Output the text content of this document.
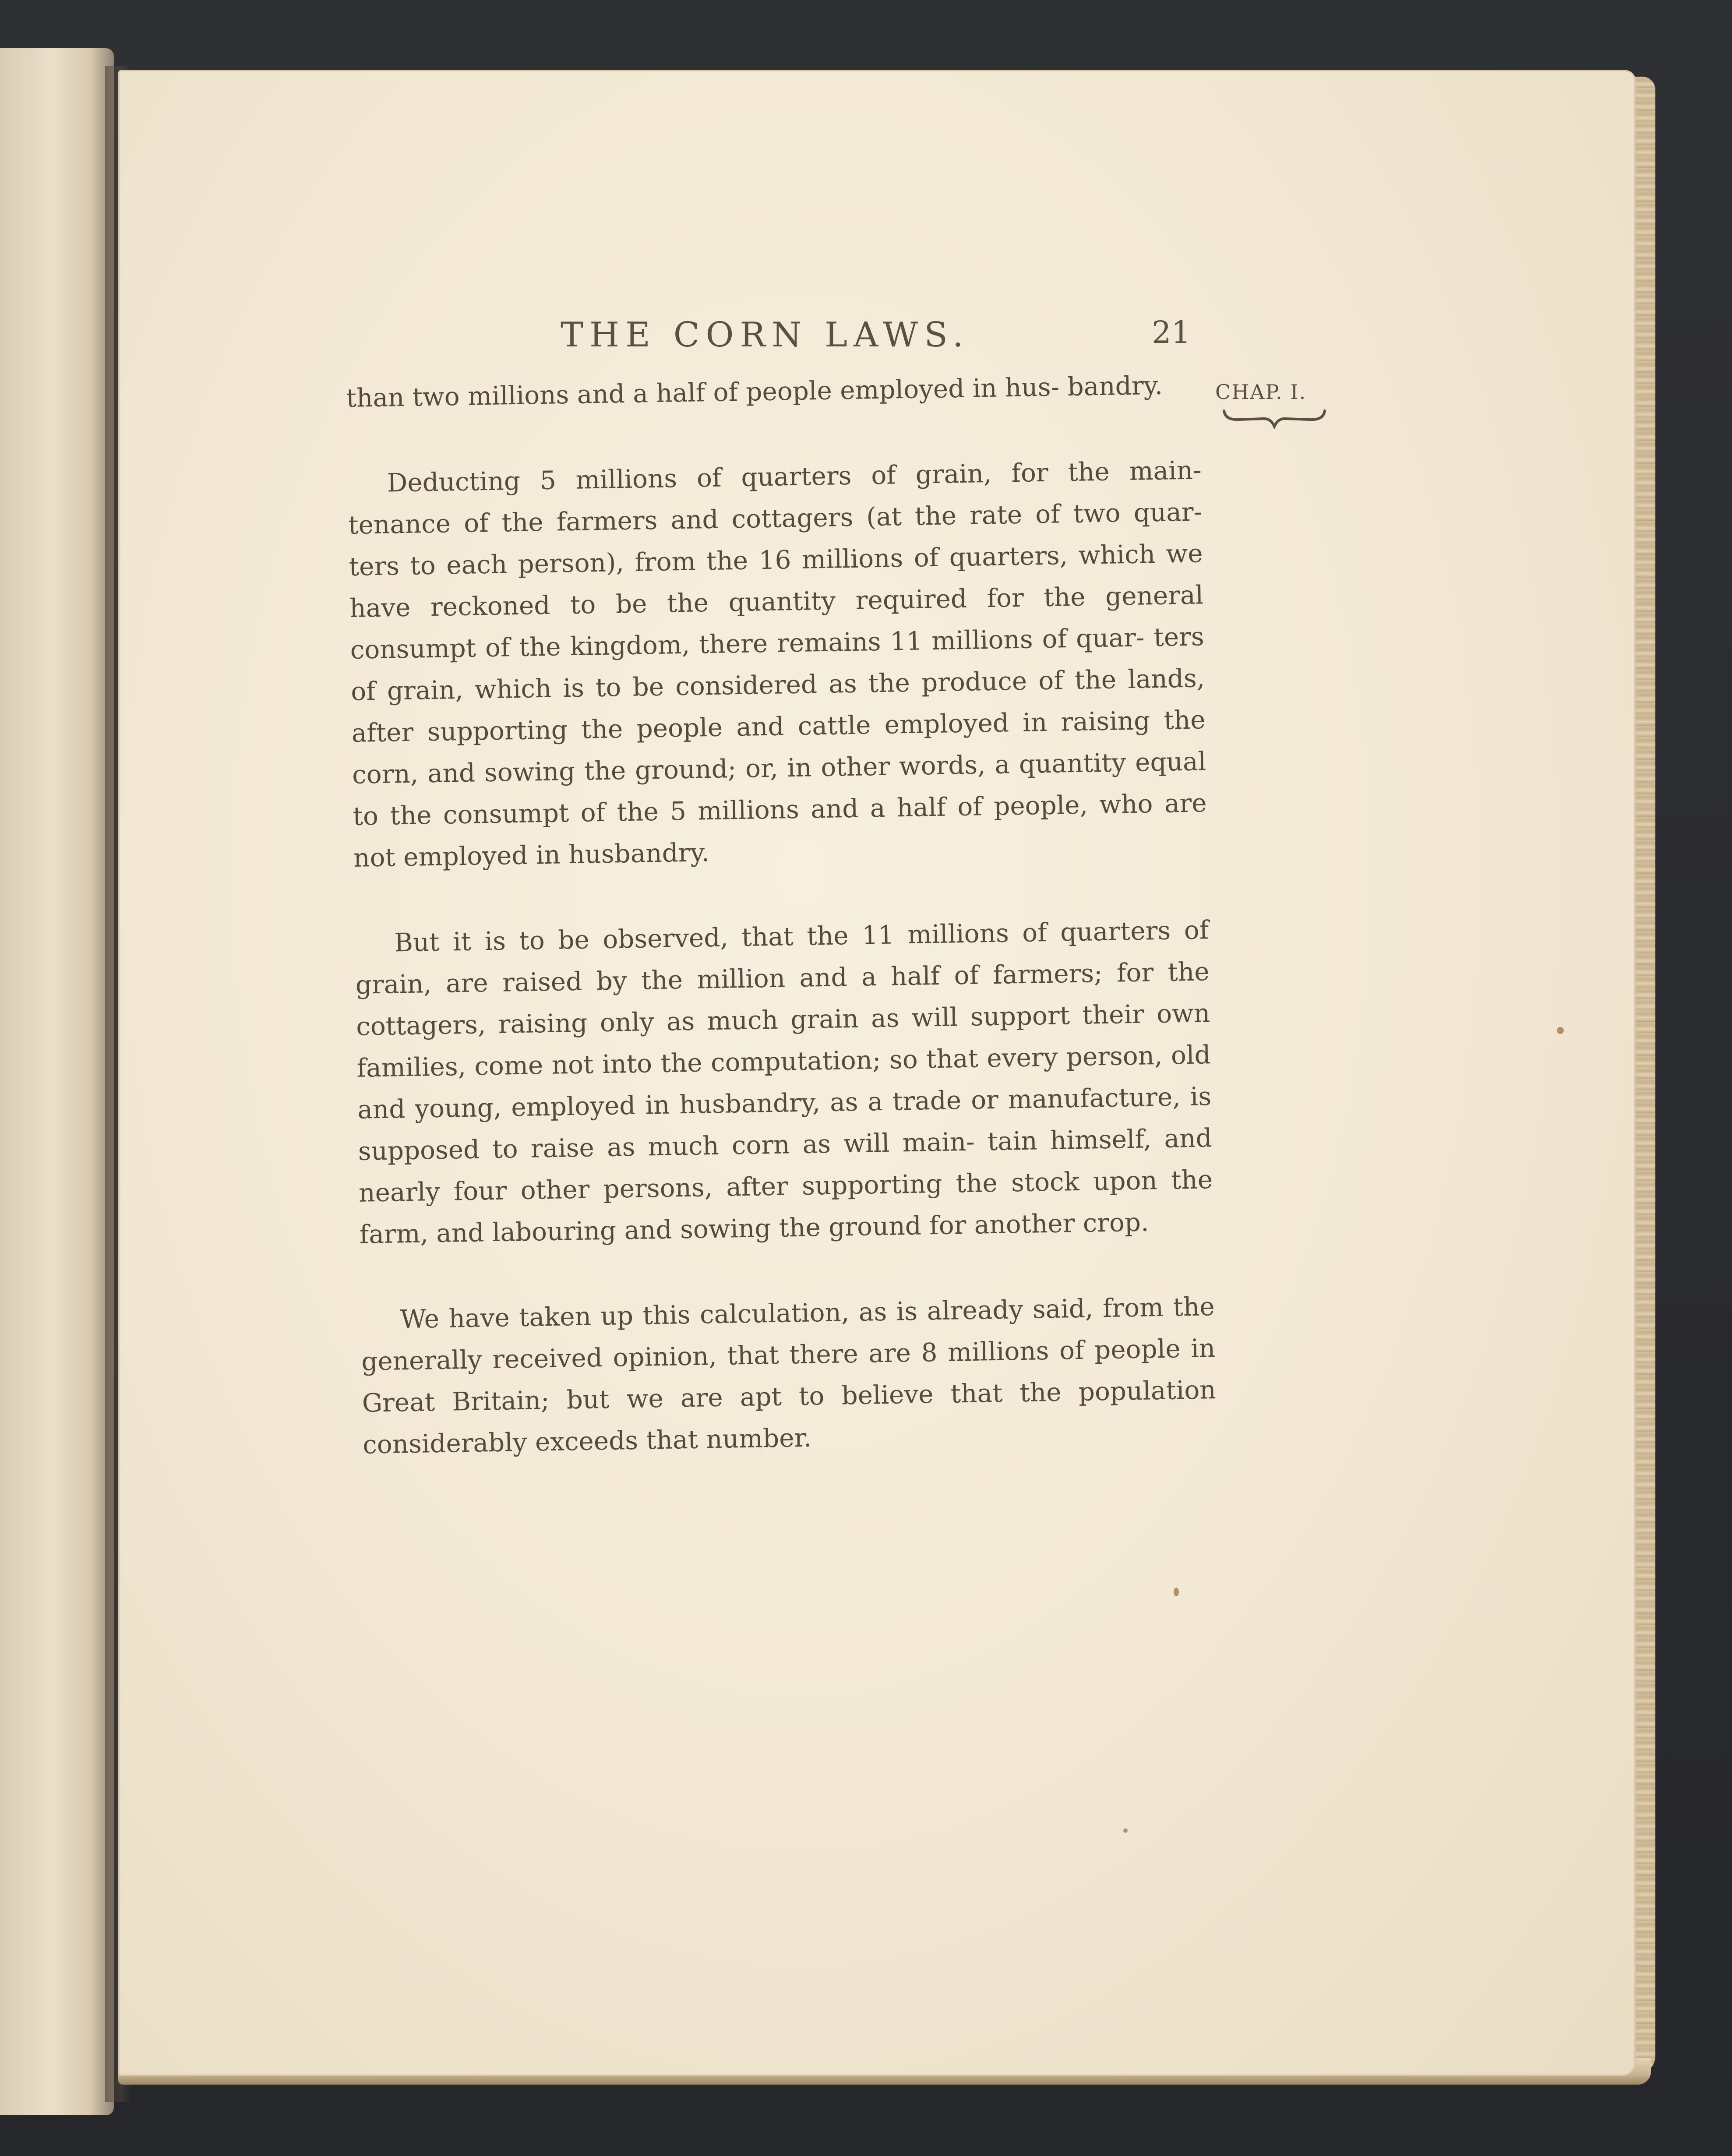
THE CORN LAWS.	21
CHAP. I.

than two millions and a half of people employed in hus- bandry.

Deducting 5 millions of quarters of grain, for the main- tenance of the farmers and cottagers (at the rate of two quar- ters to each person), from the 16 millions of quarters, which we have reckoned to be the quantity required for the general consumpt of the kingdom, there remains 11 millions of quar- ters of grain, which is to be considered as the produce of the lands, after supporting the people and cattle employed in raising the corn, and sowing the ground; or, in other words, a quantity equal to the consumpt of the 5 millions and a half of people, who are not employed in husbandry.

But it is to be observed, that the 11 millions of quarters of grain, are raised by the million and a half of farmers; for the cottagers, raising only as much grain as will support their own families, come not into the computation; so that every person, old and young, employed in husbandry, as a trade or manufacture, is supposed to raise as much corn as will main- tain himself, and nearly four other persons, after supporting the stock upon the farm, and labouring and sowing the ground for another crop.

We have taken up this calculation, as is already said, from the generally received opinion, that there are 8 millions of people in Great Britain; but we are apt to believe that the population considerably exceeds that number.
